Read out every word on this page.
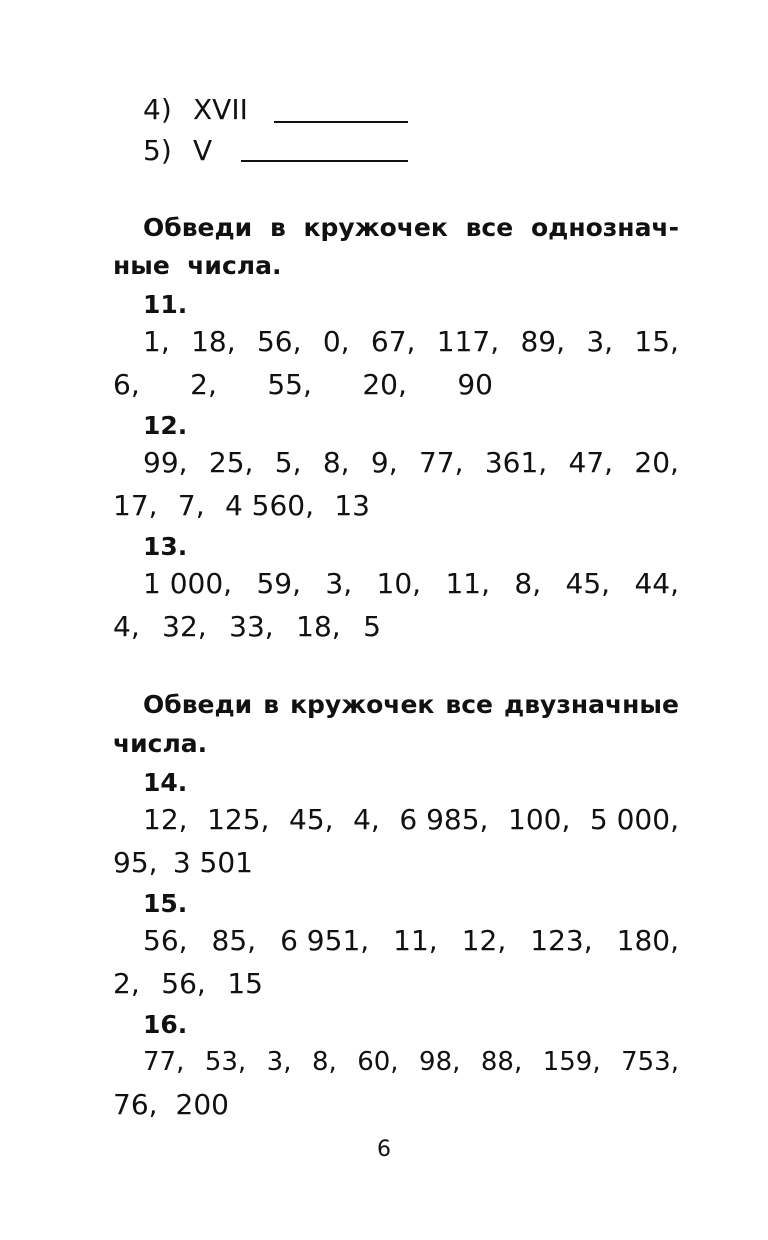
4) XVII
5) V
Обведи в кружочек все однознач-
ные числа.
11.
1, 18, 56, 0, 67, 117, 89, 3, 15,
6, 2, 55, 20, 90
12.
99, 25, 5, 8, 9, 77, 361, 47, 20,
17, 7, 4 560, 13
13.
1 000, 59, 3, 10, 11, 8, 45, 44,
4, 32, 33, 18, 5
Обведи в кружочек все двузначные
числа.
14.
12, 125, 45, 4, 6 985, 100, 5 000,
95, 3 501
15.
56, 85, 6 951, 11, 12, 123, 180,
2, 56, 15
16.
77, 53, 3, 8, 60, 98, 88, 159, 753,
76, 200
6
